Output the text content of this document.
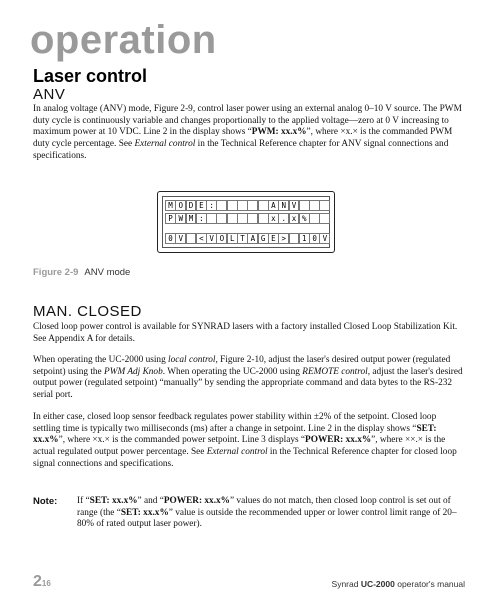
operation
Laser control
ANV

In analog voltage (ANV) mode, Figure 2-9, control laser power using an external analog 0–10 V source. The PWM duty cycle is continuously variable and changes proportionally to the applied voltage—zero at 0 V increasing to maximum power at 10 VDC. Line 2 in the display shows “PWM: xx.x%”, where ×x.× is the commanded PWM duty cycle percentage. See External control in the Technical Reference chapter for ANV signal connections and specifications.

M O D E :	A N V
P W M :	x . x %
0 V	< V O L T A G E >	1 0 V
Figure 2-9 ANV mode
MAN. CLOSED

Closed loop power control is available for SYNRAD lasers with a factory installed Closed Loop Stabilization Kit. See Appendix A for details.

When operating the UC-2000 using local control, Figure 2-10, adjust the laser's desired output power (regulated setpoint) using the PWM Adj Knob. When operating the UC-2000 using REMOTE control, adjust the laser's desired output power (regulated setpoint) “manually” by sending the appropriate command and data bytes to the RS-232 serial port.

In either case, closed loop sensor feedback regulates power stability within ±2% of the setpoint. Closed loop settling time is typically two milliseconds (ms) after a change in setpoint. Line 2 in the display shows “SET: xx.x%”, where ×x.× is the commanded power setpoint. Line 3 displays “POWER: xx.x%”, where ××.× is the actual regulated output power percentage. See External control in the Technical Reference chapter for closed loop signal connections and specifications.

Note: If “SET: xx.x%” and “POWER: xx.x%” values do not match, then closed loop control is set out of range (the “SET: xx.x%” value is outside the recommended upper or lower control limit range of 20–80% of rated output laser power).

216	Synrad UC-2000 operator's manual
